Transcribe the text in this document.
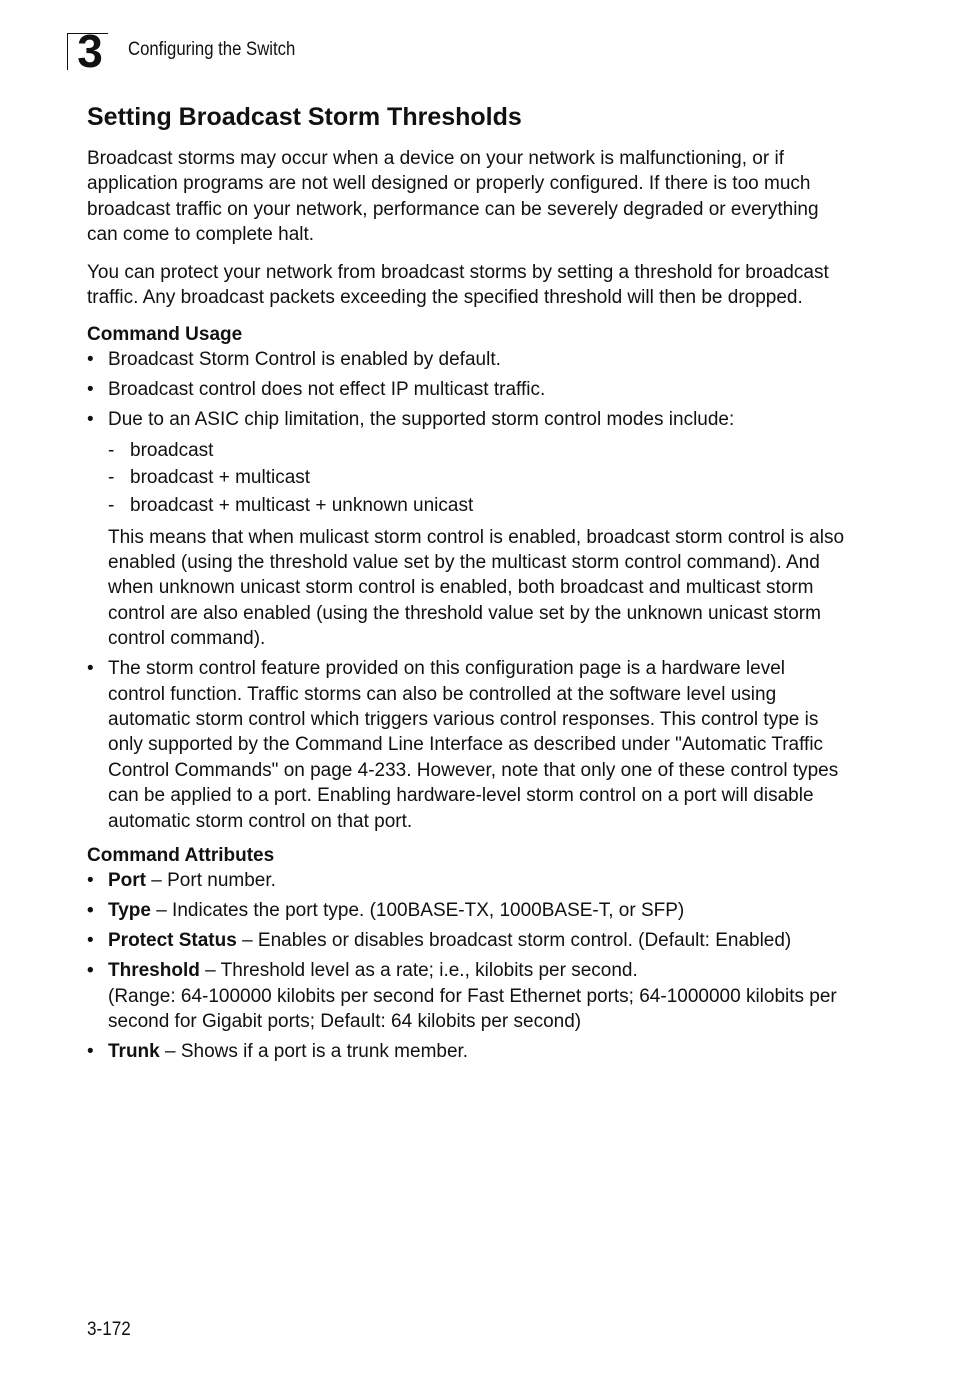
3	Configuring the Switch
Setting Broadcast Storm Thresholds

Broadcast storms may occur when a device on your network is malfunctioning, or if application programs are not well designed or properly configured. If there is too much broadcast traffic on your network, performance can be severely degraded or everything can come to complete halt.

You can protect your network from broadcast storms by setting a threshold for broadcast traffic. Any broadcast packets exceeding the specified threshold will then be dropped.

Command Usage
• Broadcast Storm Control is enabled by default.
• Broadcast control does not effect IP multicast traffic.
• Due to an ASIC chip limitation, the supported storm control modes include:
- broadcast
- broadcast + multicast
- broadcast + multicast + unknown unicast

This means that when mulicast storm control is enabled, broadcast storm control is also enabled (using the threshold value set by the multicast storm control command). And when unknown unicast storm control is enabled, both broadcast and multicast storm control are also enabled (using the threshold value set by the unknown unicast storm control command).

• The storm control feature provided on this configuration page is a hardware level control function. Traffic storms can also be controlled at the software level using automatic storm control which triggers various control responses. This control type is only supported by the Command Line Interface as described under "Automatic Traffic Control Commands" on page 4-233. However, note that only one of these control types can be applied to a port. Enabling hardware-level storm control on a port will disable automatic storm control on that port.
Command Attributes
• Port – Port number.
• Type – Indicates the port type. (100BASE-TX, 1000BASE-T, or SFP)
• Protect Status – Enables or disables broadcast storm control. (Default: Enabled)
• Threshold – Threshold level as a rate; i.e., kilobits per second.
(Range: 64-100000 kilobits per second for Fast Ethernet ports; 64-1000000 kilobits per second for Gigabit ports; Default: 64 kilobits per second)
• Trunk – Shows if a port is a trunk member.
3-172
